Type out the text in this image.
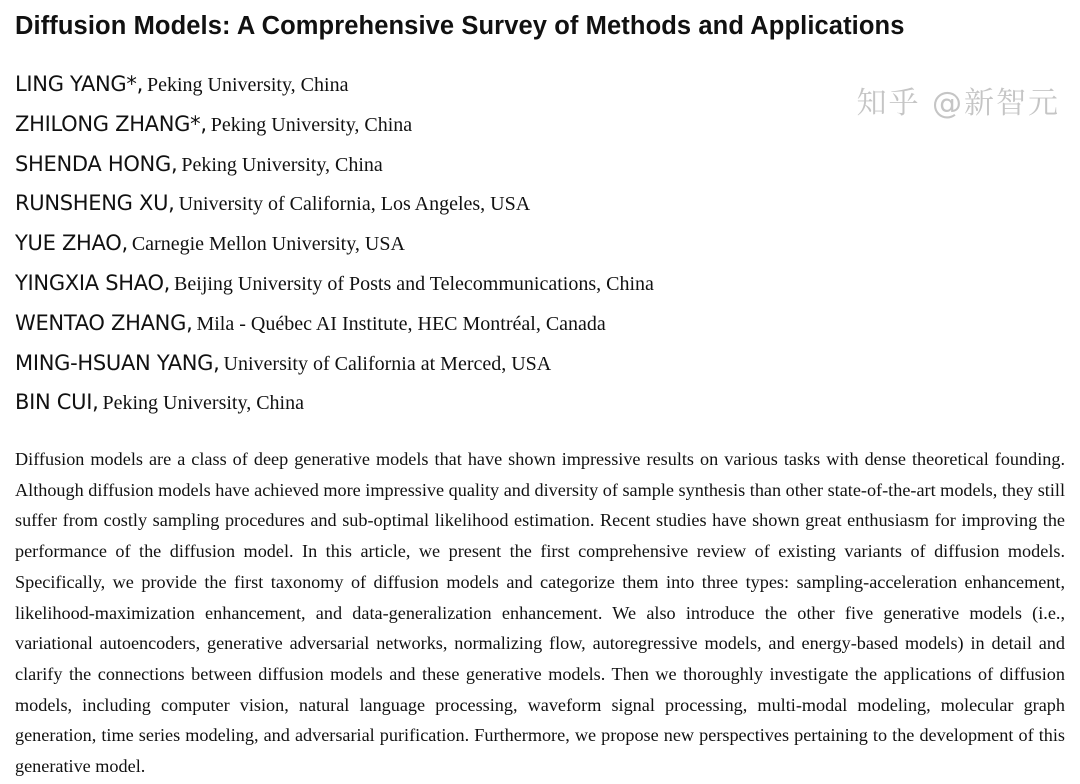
Diffusion Models: A Comprehensive Survey of Methods and Applications
LING YANG*, Peking University, China
ZHILONG ZHANG*, Peking University, China
SHENDA HONG, Peking University, China
RUNSHENG XU, University of California, Los Angeles, USA
YUE ZHAO, Carnegie Mellon University, USA
YINGXIA SHAO, Beijing University of Posts and Telecommunications, China
WENTAO ZHANG, Mila - Québec AI Institute, HEC Montréal, Canada
MING-HSUAN YANG, University of California at Merced, USA
BIN CUI, Peking University, China
Diffusion models are a class of deep generative models that have shown impressive results on various tasks with dense theoretical founding. Although diffusion models have achieved more impressive quality and diversity of sample synthesis than other state-of-the-art models, they still suffer from costly sampling procedures and sub-optimal likelihood estimation. Recent studies have shown great enthusiasm for improving the performance of the diffusion model. In this article, we present the first comprehensive review of existing variants of diffusion models. Specifically, we provide the first taxonomy of diffusion models and categorize them into three types: sampling-acceleration enhancement, likelihood-maximization enhancement, and data-generalization enhancement. We also introduce the other five generative models (i.e., variational autoencoders, generative adversarial networks, normalizing flow, autoregressive models, and energy-based models) in detail and clarify the connections between diffusion models and these generative models. Then we thoroughly investigate the applications of diffusion models, including computer vision, natural language processing, waveform signal processing, multi-modal modeling, molecular graph generation, time series modeling, and adversarial purification. Furthermore, we propose new perspectives pertaining to the development of this generative model.
知乎 @新智元
